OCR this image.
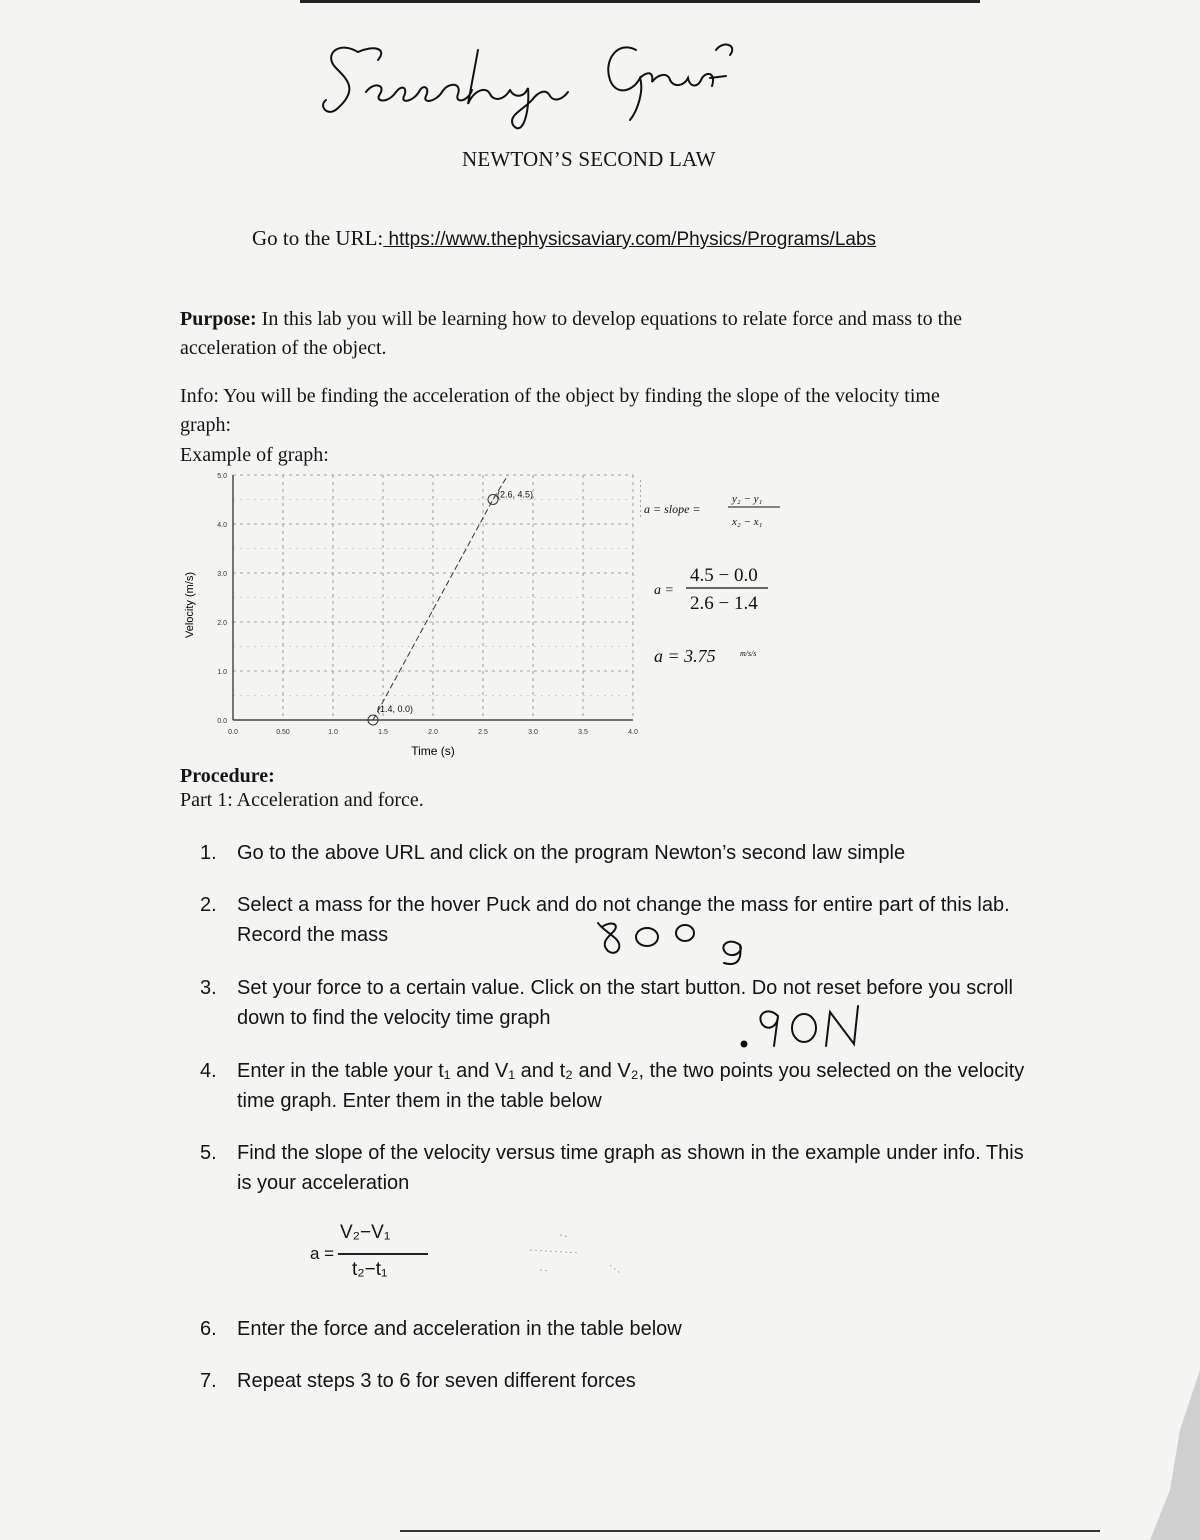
NEWTON’S SECOND LAW
Go to the URL: https://www.thephysicsaviary.com/Physics/Programs/Labs
Purpose: In this lab you will be learning how to develop equations to relate force and mass to the acceleration of the object.
Info: You will be finding the acceleration of the object by finding the slope of the velocity time graph:
Example of graph:
0.0
1.0
2.0
3.0
4.0
5.0
0.0	0.50	1.0	1.5	2.0	2.5	3.0	3.5	4.0
(1.4, 0.0)
(2.6, 4.5)
Time (s)
Velocity (m/s)
a = slope =
y₂ − y₁
x₂ − x₁
a =
4.5 − 0.0
2.6 − 1.4
a = 3.75	m/s/s
Procedure:
Part 1: Acceleration and force.
1. Go to the above URL and click on the program Newton’s second law simple
2. Select a mass for the hover Puck and do not change the mass for entire part of this lab. Record the mass
3. Set your force to a certain value. Click on the start button. Do not reset before you scroll down to find the velocity time graph
4. Enter in the table your t₁ and V₁ and t₂ and V₂, the two points you selected on the velocity time graph. Enter them in the table below
5. Find the slope of the velocity versus time graph as shown in the example under info. This is your acceleration
6. Enter the force and acceleration in the table below
7. Repeat steps 3 to 6 for seven different forces
a =
V₂−V₁
t₂−t₁
